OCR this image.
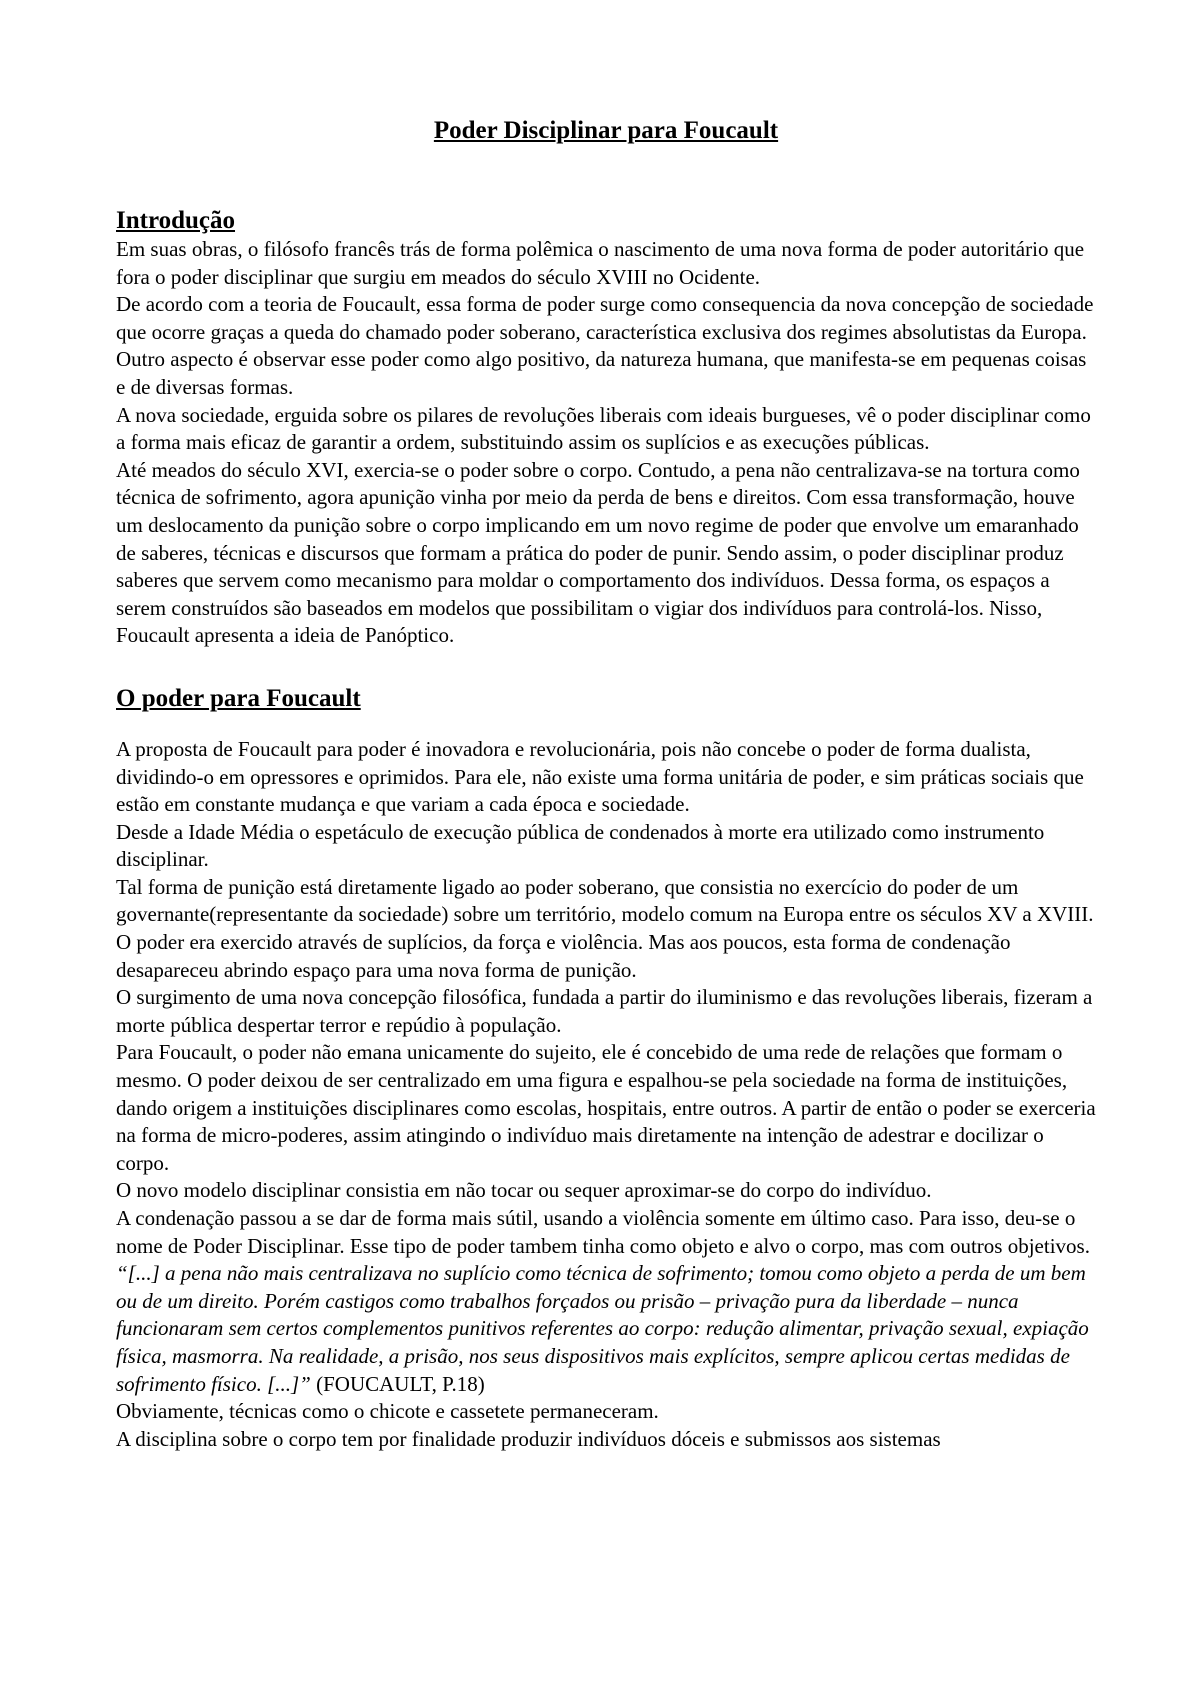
Poder Disciplinar para Foucault
Introdução

Em suas obras, o filósofo francês trás de forma polêmica o nascimento de uma nova forma de poder autoritário que fora o poder disciplinar que surgiu em meados do século XVIII no Ocidente.

De acordo com a teoria de Foucault, essa forma de poder surge como consequencia da nova concepção de sociedade que ocorre graças a queda do chamado poder soberano, característica exclusiva dos regimes absolutistas da Europa. Outro aspecto é observar esse poder como algo positivo, da natureza humana, que manifesta-se em pequenas coisas e de diversas formas.

A nova sociedade, erguida sobre os pilares de revoluções liberais com ideais burgueses, vê o poder disciplinar como a forma mais eficaz de garantir a ordem, substituindo assim os suplícios e as execuções públicas.

Até meados do século XVI, exercia-se o poder sobre o corpo. Contudo, a pena não centralizava-se na tortura como técnica de sofrimento, agora apunição vinha por meio da perda de bens e direitos. Com essa transformação, houve um deslocamento da punição sobre o corpo implicando em um novo regime de poder que envolve um emaranhado de saberes, técnicas e discursos que formam a prática do poder de punir. Sendo assim, o poder disciplinar produz saberes que servem como mecanismo para moldar o comportamento dos indivíduos. Dessa forma, os espaços a serem construídos são baseados em modelos que possibilitam o vigiar dos indivíduos para controlá-los. Nisso, Foucault apresenta a ideia de Panóptico.

O poder para Foucault

A proposta de Foucault para poder é inovadora e revolucionária, pois não concebe o poder de forma dualista, dividindo-o em opressores e oprimidos. Para ele, não existe uma forma unitária de poder, e sim práticas sociais que estão em constante mudança e que variam a cada época e sociedade.

Desde a Idade Média o espetáculo de execução pública de condenados à morte era utilizado como instrumento disciplinar.

Tal forma de punição está diretamente ligado ao poder soberano, que consistia no exercício do poder de um governante(representante da sociedade) sobre um território, modelo comum na Europa entre os séculos XV a XVIII.

O poder era exercido através de suplícios, da força e violência. Mas aos poucos, esta forma de condenação desapareceu abrindo espaço para uma nova forma de punição.

O surgimento de uma nova concepção filosófica, fundada a partir do iluminismo e das revoluções liberais, fizeram a morte pública despertar terror e repúdio à população.

Para Foucault, o poder não emana unicamente do sujeito, ele é concebido de uma rede de relações que formam o mesmo. O poder deixou de ser centralizado em uma figura e espalhou-se pela sociedade na forma de instituições, dando origem a instituições disciplinares como escolas, hospitais, entre outros. A partir de então o poder se exerceria na forma de micro-poderes, assim atingindo o indivíduo mais diretamente na intenção de adestrar e docilizar o corpo.

O novo modelo disciplinar consistia em não tocar ou sequer aproximar-se do corpo do indivíduo.

A condenação passou a se dar de forma mais sútil, usando a violência somente em último caso. Para isso, deu-se o nome de Poder Disciplinar. Esse tipo de poder tambem tinha como objeto e alvo o corpo, mas com outros objetivos. “[...] a pena não mais centralizava no suplício como técnica de sofrimento; tomou como objeto a perda de um bem ou de um direito. Porém castigos como trabalhos forçados ou prisão – privação pura da liberdade – nunca funcionaram sem certos complementos punitivos referentes ao corpo: redução alimentar, privação sexual, expiação física, masmorra. Na realidade, a prisão, nos seus dispositivos mais explícitos, sempre aplicou certas medidas de sofrimento físico. [...]” (FOUCAULT, P.18)

Obviamente, técnicas como o chicote e cassetete permaneceram.

A disciplina sobre o corpo tem por finalidade produzir indivíduos dóceis e submissos aos sistemas
